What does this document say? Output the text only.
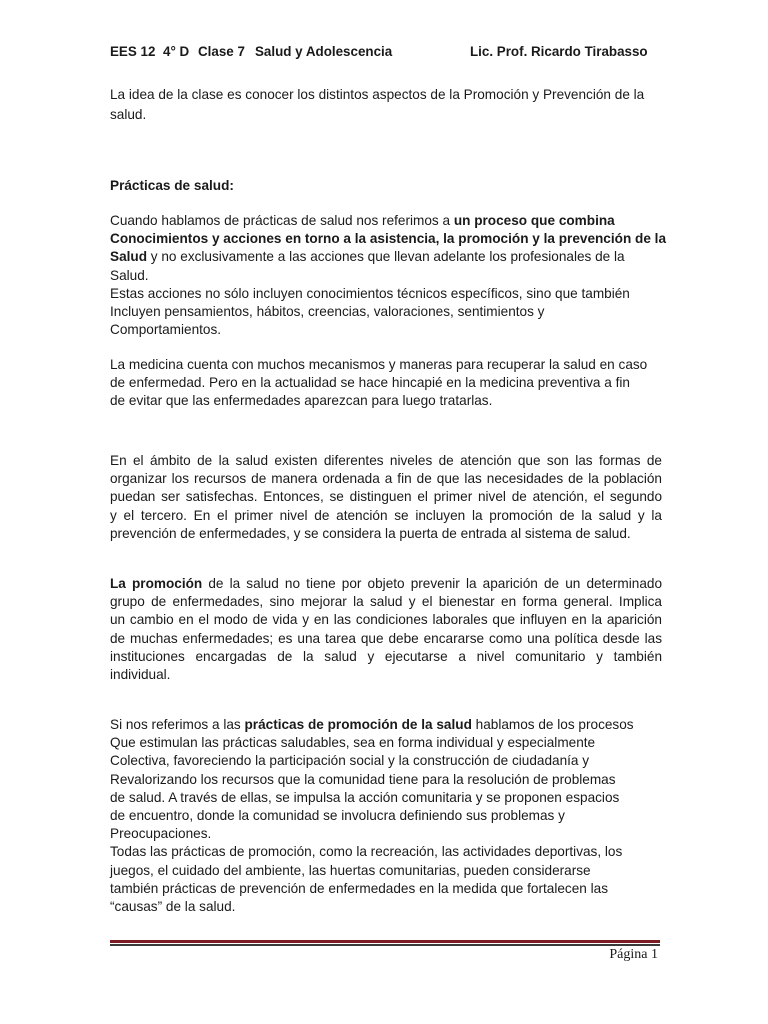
EES 12

4° D

Clase 7

Salud y Adolescencia

	Lic. Prof. Ricardo Tirabasso

La idea de la clase es conocer los distintos aspectos de la Promoción y Prevención de la
salud.
Prácticas de salud:
Cuando hablamos de prácticas de salud nos referimos a un proceso que combina
Conocimientos y acciones en torno a la asistencia, la promoción y la prevención de la
Salud y no exclusivamente a las acciones que llevan adelante los profesionales de la
Salud.
Estas acciones no sólo incluyen conocimientos técnicos específicos, sino que también
Incluyen pensamientos, hábitos, creencias, valoraciones, sentimientos y
Comportamientos.
La medicina cuenta con muchos mecanismos y maneras para recuperar la salud en caso
de enfermedad. Pero en la actualidad se hace hincapié en la medicina preventiva a fin
de evitar que las enfermedades aparezcan para luego tratarlas.
En el ámbito de la salud existen diferentes niveles de atención que son las formas de
organizar los recursos de manera ordenada a fin de que las necesidades de la población
puedan ser satisfechas. Entonces, se distinguen el primer nivel de atención, el segundo
y el tercero. En el primer nivel de atención se incluyen la promoción de la salud y la
prevención de enfermedades, y se considera la puerta de entrada al sistema de salud.
La promoción de la salud no tiene por objeto prevenir la aparición de un determinado
grupo de enfermedades, sino mejorar la salud y el bienestar en forma general. Implica
un cambio en el modo de vida y en las condiciones laborales que influyen en la aparición
de muchas enfermedades; es una tarea que debe encararse como una política desde las
instituciones encargadas de la salud y ejecutarse a nivel comunitario y también
individual.
Si nos referimos a las prácticas de promoción de la salud hablamos de los procesos
Que estimulan las prácticas saludables, sea en forma individual y especialmente
Colectiva, favoreciendo la participación social y la construcción de ciudadanía y
Revalorizando los recursos que la comunidad tiene para la resolución de problemas
de salud. A través de ellas, se impulsa la acción comunitaria y se proponen espacios
de encuentro, donde la comunidad se involucra definiendo sus problemas y
Preocupaciones.
Todas las prácticas de promoción, como la recreación, las actividades deportivas, los
juegos, el cuidado del ambiente, las huertas comunitarias, pueden considerarse
también prácticas de prevención de enfermedades en la medida que fortalecen las
“causas” de la salud.
Página 1
